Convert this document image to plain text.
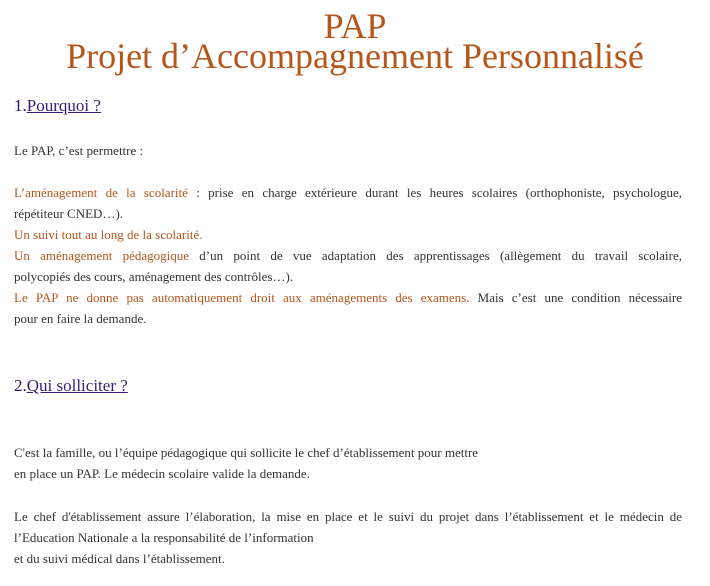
PAP
Projet d’Accompagnement Personnalisé
1.Pourquoi ?
Le PAP, c’est permettre :
L’aménagement de la scolarité : prise en charge extérieure durant les heures scolaires (orthophoniste, psychologue,
répétiteur CNED…).
Un suivi tout au long de la scolarité.
Un aménagement pédagogique d’un point de vue adaptation des apprentissages (allègement du travail scolaire,
polycopiés des cours, aménagement des contrôles…).
Le PAP ne donne pas automatiquement droit aux aménagements des examens. Mais c’est une condition nécessaire
pour en faire la demande.
2.Qui solliciter ?
C'est la famille, ou l’équipe pédagogique qui sollicite le chef d’établissement pour mettre
en place un PAP. Le médecin scolaire valide la demande.
Le chef d'établissement assure l’élaboration, la mise en place et le suivi du projet dans l’établissement et le médecin de
l’Education Nationale a la responsabilité de l’information
et du suivi médical dans l’établissement.
